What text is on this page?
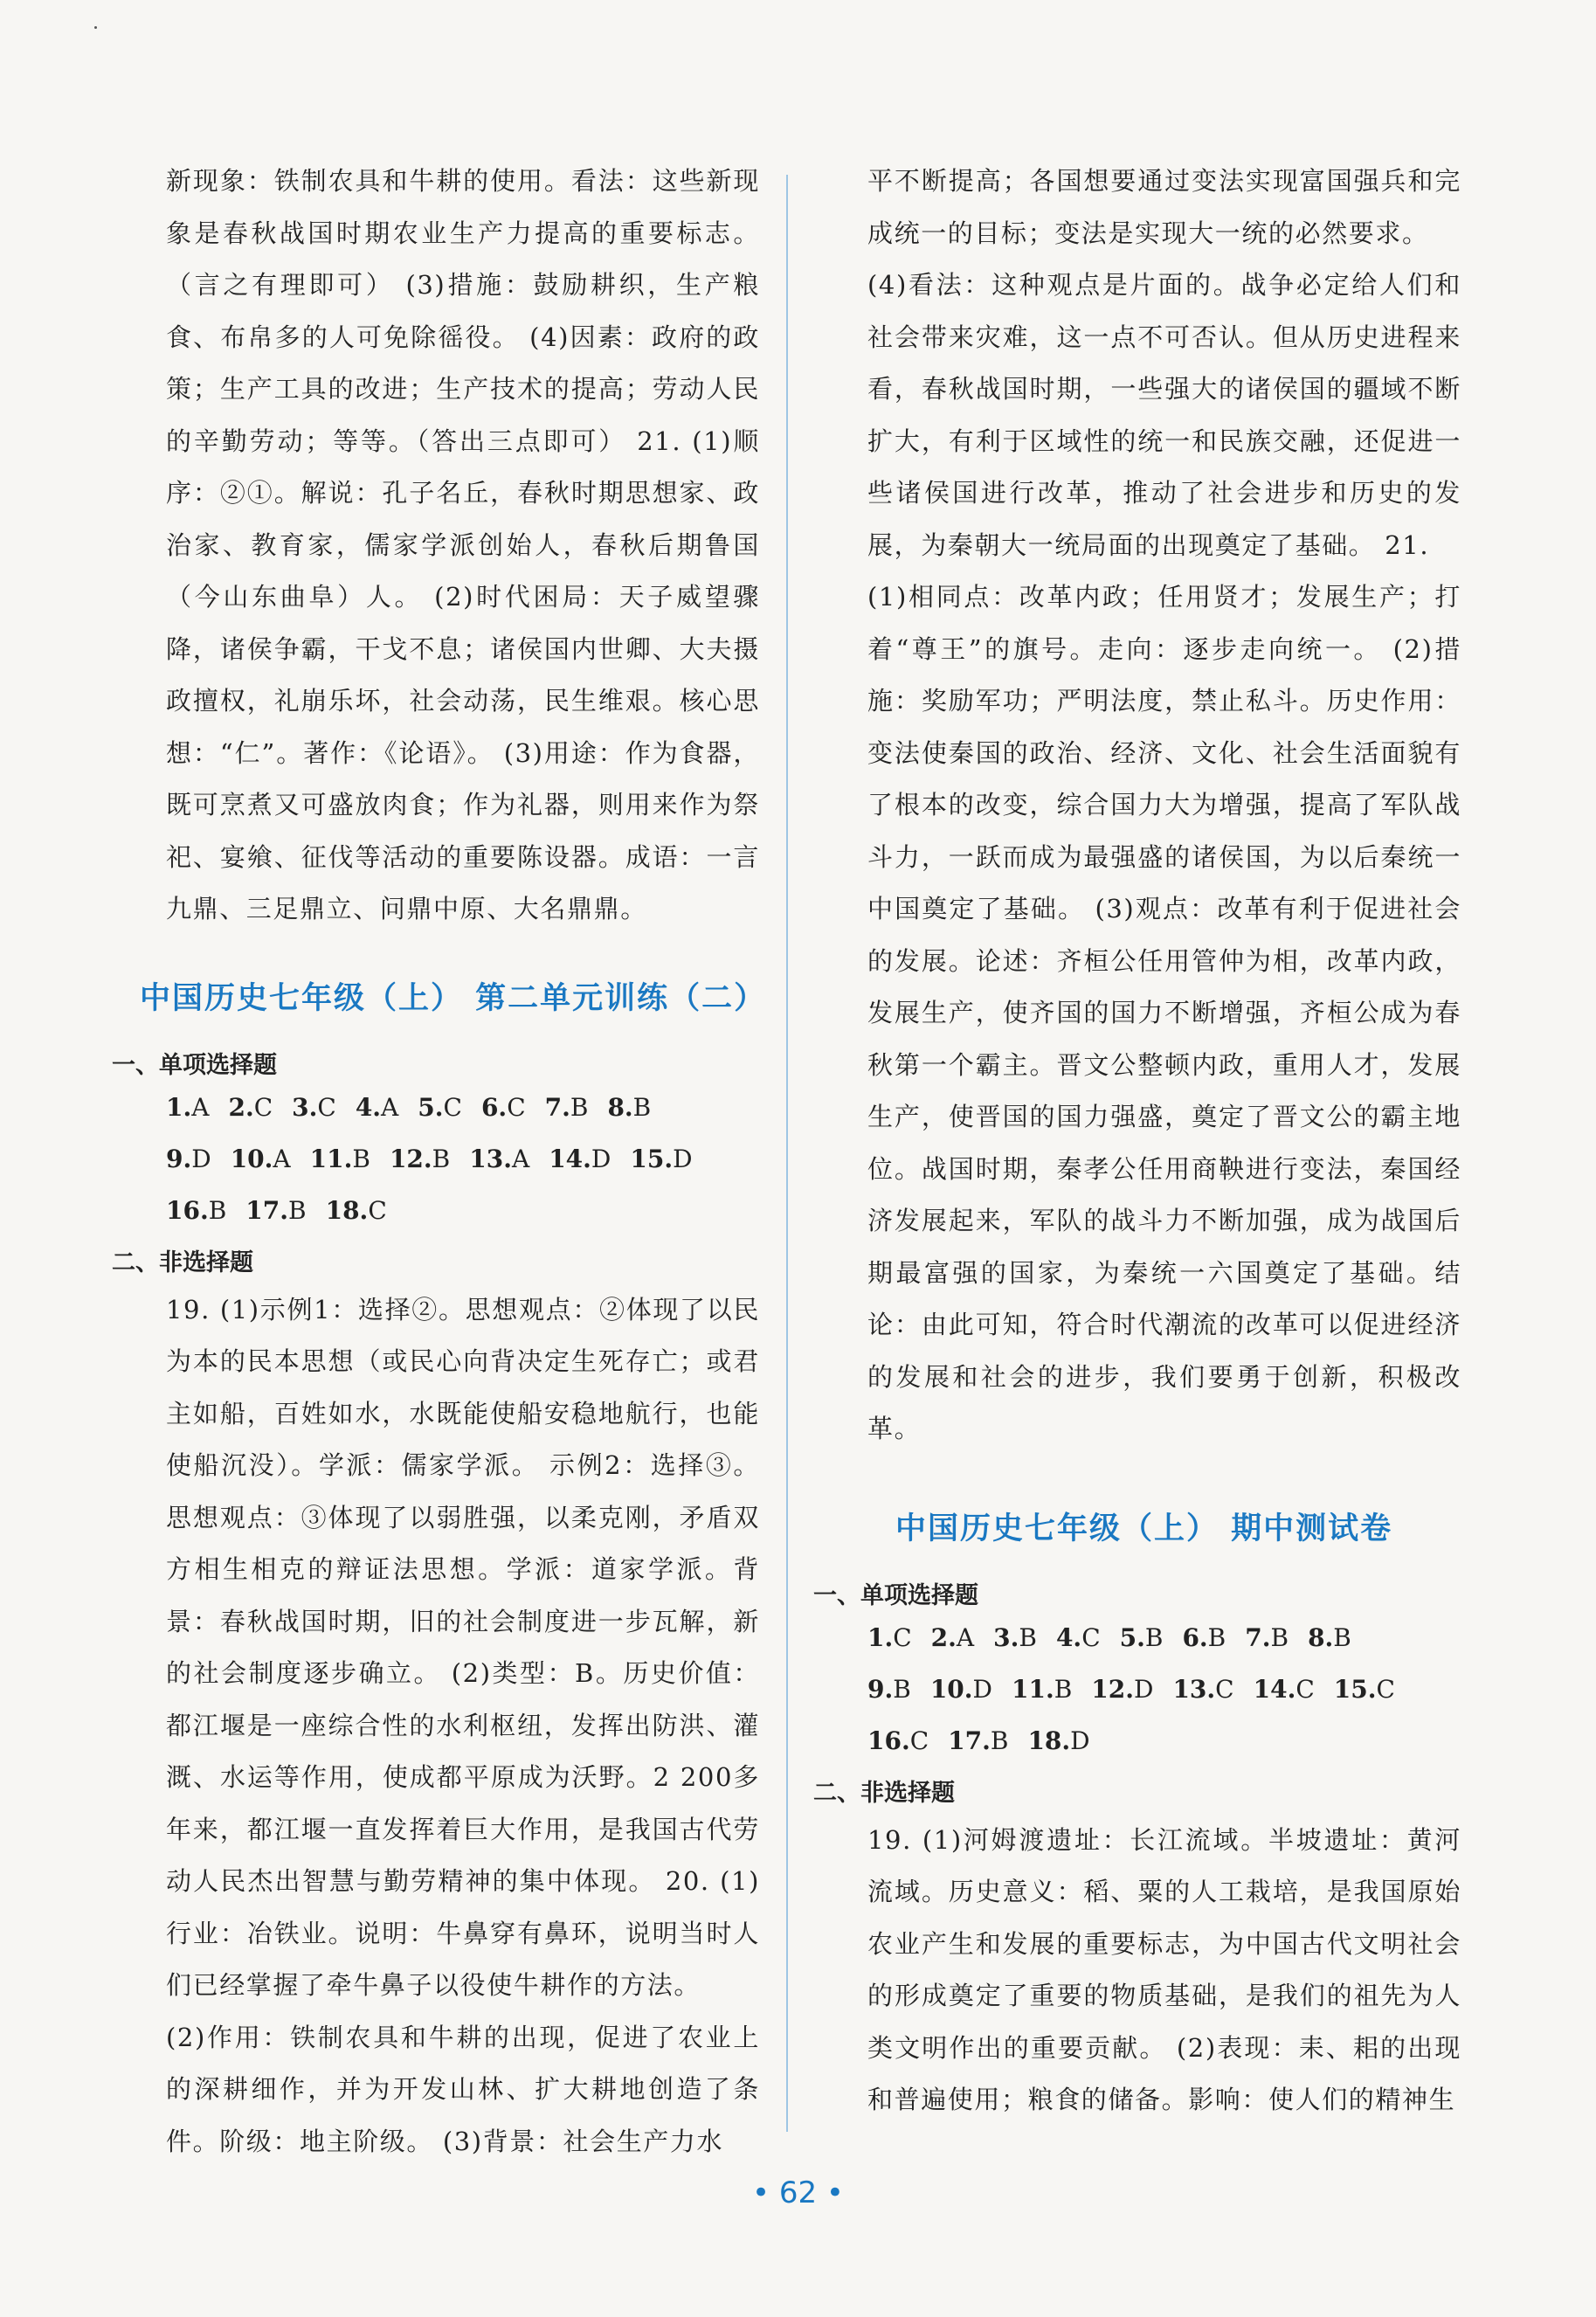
新现象：铁制农具和牛耕的使用。看法：这些新现象是春秋战国时期农业生产力提高的重要标志。（言之有理即可） (3)措施：鼓励耕织，生产粮食、布帛多的人可免除徭役。 (4)因素：政府的政策；生产工具的改进；生产技术的提高；劳动人民的辛勤劳动；等等。（答出三点即可） 21. (1)顺序：②①。解说：孔子名丘，春秋时期思想家、政治家、教育家，儒家学派创始人，春秋后期鲁国（今山东曲阜）人。 (2)时代困局：天子威望骤降，诸侯争霸，干戈不息；诸侯国内世卿、大夫摄政擅权，礼崩乐坏，社会动荡，民生维艰。核心思想：“仁”。著作：《论语》。 (3)用途：作为食器，既可烹煮又可盛放肉食；作为礼器，则用来作为祭祀、宴飨、征伐等活动的重要陈设器。成语：一言九鼎、三足鼎立、问鼎中原、大名鼎鼎。

中国历史七年级（上） 第二单元训练（二）
一、单项选择题
1.A 2.C 3.C 4.A 5.C 6.C 7.B 8.B
9.D 10.A 11.B 12.B 13.A 14.D 15.D
16.B 17.B 18.C
二、非选择题

19. (1)示例1：选择②。思想观点：②体现了以民为本的民本思想（或民心向背决定生死存亡；或君主如船，百姓如水，水既能使船安稳地航行，也能使船沉没）。学派：儒家学派。 示例2：选择③。思想观点：③体现了以弱胜强，以柔克刚，矛盾双方相生相克的辩证法思想。学派：道家学派。背景：春秋战国时期，旧的社会制度进一步瓦解，新的社会制度逐步确立。 (2)类型：B。历史价值：都江堰是一座综合性的水利枢纽，发挥出防洪、灌溉、水运等作用，使成都平原成为沃野。2 200多年来，都江堰一直发挥着巨大作用，是我国古代劳动人民杰出智慧与勤劳精神的集中体现。 20. (1)行业：冶铁业。说明：牛鼻穿有鼻环，说明当时人们已经掌握了牵牛鼻子以役使牛耕作的方法。

(2)作用：铁制农具和牛耕的出现，促进了农业上的深耕细作，并为开发山林、扩大耕地创造了条件。阶级：地主阶级。 (3)背景：社会生产力水

平不断提高；各国想要通过变法实现富国强兵和完成统一的目标；变法是实现大一统的必然要求。

(4)看法：这种观点是片面的。战争必定给人们和社会带来灾难，这一点不可否认。但从历史进程来看，春秋战国时期，一些强大的诸侯国的疆域不断扩大，有利于区域性的统一和民族交融，还促进一些诸侯国进行改革，推动了社会进步和历史的发展，为秦朝大一统局面的出现奠定了基础。 21.

(1)相同点：改革内政；任用贤才；发展生产；打着“尊王”的旗号。走向：逐步走向统一。 (2)措施：奖励军功；严明法度，禁止私斗。历史作用：变法使秦国的政治、经济、文化、社会生活面貌有了根本的改变，综合国力大为增强，提高了军队战斗力，一跃而成为最强盛的诸侯国，为以后秦统一中国奠定了基础。 (3)观点：改革有利于促进社会的发展。论述：齐桓公任用管仲为相，改革内政，发展生产，使齐国的国力不断增强，齐桓公成为春秋第一个霸主。晋文公整顿内政，重用人才，发展生产，使晋国的国力强盛，奠定了晋文公的霸主地位。战国时期，秦孝公任用商鞅进行变法，秦国经济发展起来，军队的战斗力不断加强，成为战国后期最富强的国家，为秦统一六国奠定了基础。结论：由此可知，符合时代潮流的改革可以促进经济的发展和社会的进步，我们要勇于创新，积极改革。

中国历史七年级（上） 期中测试卷
一、单项选择题
1.C 2.A 3.B 4.C 5.B 6.B 7.B 8.B
9.B 10.D 11.B 12.D 13.C 14.C 15.C
16.C 17.B 18.D
二、非选择题

19. (1)河姆渡遗址：长江流域。半坡遗址：黄河流域。历史意义：稻、粟的人工栽培，是我国原始农业产生和发展的重要标志，为中国古代文明社会的形成奠定了重要的物质基础，是我们的祖先为人类文明作出的重要贡献。 (2)表现：耒、耜的出现和普遍使用；粮食的储备。影响：使人们的精神生

• 62 •
